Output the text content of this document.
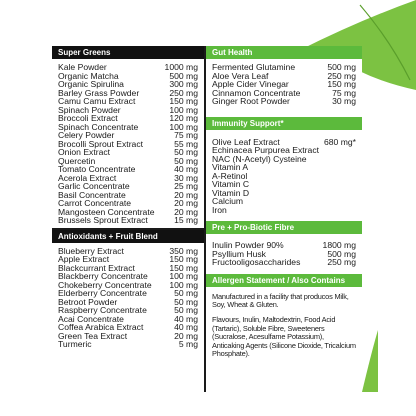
Super Greens
Kale Powder	1000 mg
Organic Matcha	500 mg
Organic Spirulina	300 mg
Barley Grass Powder	250 mg
Camu Camu Extract	150 mg
Spinach Powder	100 mg
Broccoli Extract	120 mg
Spinach Concentrate	100 mg
Celery Powder	75 mg
Brocolli Sprout Extract	55 mg
Onion Extract	50 mg
Quercetin	50 mg
Tomato Concentrate	40 mg
Acerola Extract	30 mg
Garlic Concentrate	25 mg
Basil Concentrate	20 mg
Carrot Concentrate	20 mg
Mangosteen Concentrate 20 mg
Brussels Sprout Extract	15 mg
Antioxidants + Fruit Blend
Blueberry Extract	350 mg
Apple Extract	150 mg
Blackcurrant Extract	150 mg
Blackberry Concentrate	100 mg
Chokeberry Concentrate 100 mg
Elderberry Concentrate	50 mg
Betroot Powder	50 mg
Raspberry Concentrate	50 mg
Acai Concentrate	40 mg
Coffea Arabica Extract	40 mg
Green Tea Extract	20 mg
Turmeric	5 mg
Gut Health
Fermented Glutamine	500 mg
Aloe Vera Leaf	250 mg
Apple Cider Vinegar	150 mg
Cinnamon Concentrate	75 mg
Ginger Root Powder	30 mg
Immunity Support*
Olive Leaf Extract	680 mg*
Echinacea Purpurea Extract
NAC (N-Acetyl) Cysteine
Vitamin A
A-Retinol
Vitamin C
Vitamin D
Calcium
Iron
Pre + Pro-Biotic Fibre
Inulin Powder 90%	1800 mg
Psyllium Husk	500 mg
Fructooligosaccharides	250 mg
Allergen Statement / Also Contains
Manufactured in a facility that producos Milk, Soy, Wheat & Gluten.
Flavours, Inulin, Maltodextrin, Food Acid (Tartaric), Soluble Fibre, Sweeteners (Sucralose, Acesulfame Potassium), Anticaking Agents (Silicone Dioxide, Tricalcium Phosphate).
